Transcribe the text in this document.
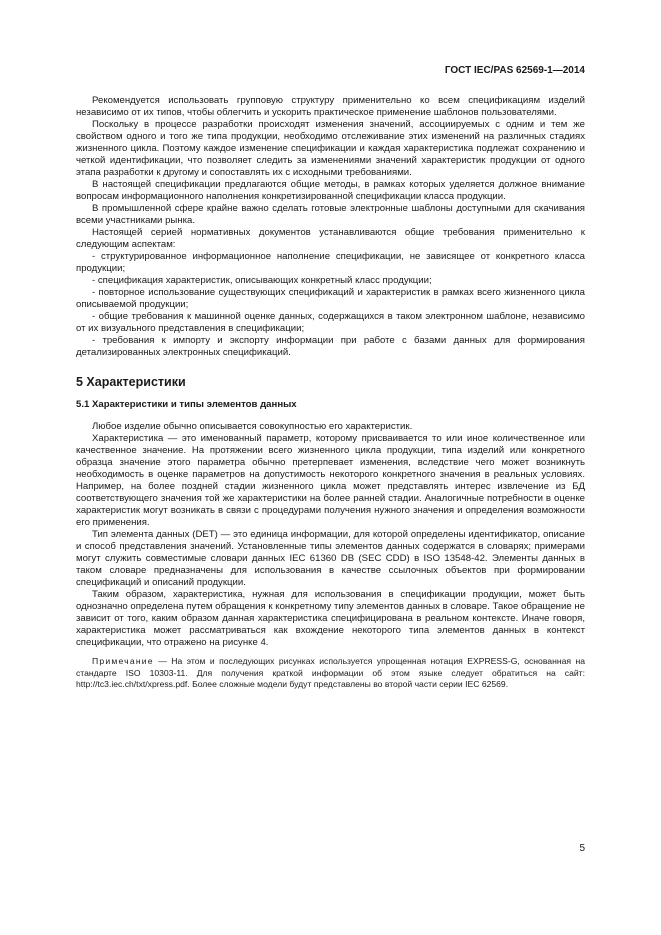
ГОСТ IEC/PAS 62569-1—2014

Рекомендуется использовать групповую структуру применительно ко всем спецификациям изделий независимо от их типов, чтобы облегчить и ускорить практическое применение шаблонов пользователями.

Поскольку в процессе разработки происходят изменения значений, ассоциируемых с одним и тем же свойством одного и того же типа продукции, необходимо отслеживание этих изменений на различных стадиях жизненного цикла. Поэтому каждое изменение спецификации и каждая характеристика подлежат сохранению и четкой идентификации, что позволяет следить за изменениями значений характеристик продукции от одного этапа разработки к другому и сопоставлять их с исходными требованиями.

В настоящей спецификации предлагаются общие методы, в рамках которых уделяется должное внимание вопросам информационного наполнения конкретизированной спецификации класса продукции.

В промышленной сфере крайне важно сделать готовые электронные шаблоны доступными для скачивания всеми участниками рынка.

Настоящей серией нормативных документов устанавливаются общие требования применительно к следующим аспектам:

- структурированное информационное наполнение спецификации, не зависящее от конкретного класса продукции;

- спецификация характеристик, описывающих конкретный класс продукции;

- повторное использование существующих спецификаций и характеристик в рамках всего жизненного цикла описываемой продукции;

- общие требования к машинной оценке данных, содержащихся в таком электронном шаблоне, независимо от их визуального представления в спецификации;

- требования к импорту и экспорту информации при работе с базами данных для формирования детализированных электронных спецификаций.

5 Характеристики
5.1 Характеристики и типы элементов данных

Любое изделие обычно описывается совокупностью его характеристик.

Характеристика — это именованный параметр, которому присваивается то или иное количественное или качественное значение. На протяжении всего жизненного цикла продукции, типа изделий или конкретного образца значение этого параметра обычно претерпевает изменения, вследствие чего может возникнуть необходимость в оценке параметров на допустимость некоторого конкретного значения в реальных условиях. Например, на более поздней стадии жизненного цикла может представлять интерес извлечение из БД соответствующего значения той же характеристики на более ранней стадии. Аналогичные потребности в оценке характеристик могут возникать в связи с процедурами получения нужного значения и определения возможности его применения.

Тип элемента данных (DET) — это единица информации, для которой определены идентификатор, описание и способ представления значений. Установленные типы элементов данных содержатся в словарях; примерами могут служить совместимые словари данных IEC 61360 DB (SEC CDD) в ISO 13548-42. Элементы данных в таком словаре предназначены для использования в качестве ссылочных объектов при формировании спецификаций и описаний продукции.

Таким образом, характеристика, нужная для использования в спецификации продукции, может быть однозначно определена путем обращения к конкретному типу элементов данных в словаре. Такое обращение не зависит от того, каким образом данная характеристика специфицирована в реальном контексте. Иначе говоря, характеристика может рассматриваться как вхождение некоторого типа элементов данных в контекст спецификации, что отражено на рисунке 4.

Примечание — На этом и последующих рисунках используется упрощенная нотация EXPRESS-G, основанная на стандарте ISO 10303-11. Для получения краткой информации об этом языке следует обратиться на сайт: http://tc3.iec.ch/txt/xpress.pdf. Более сложные модели будут представлены во второй части серии IEC 62569.

5
